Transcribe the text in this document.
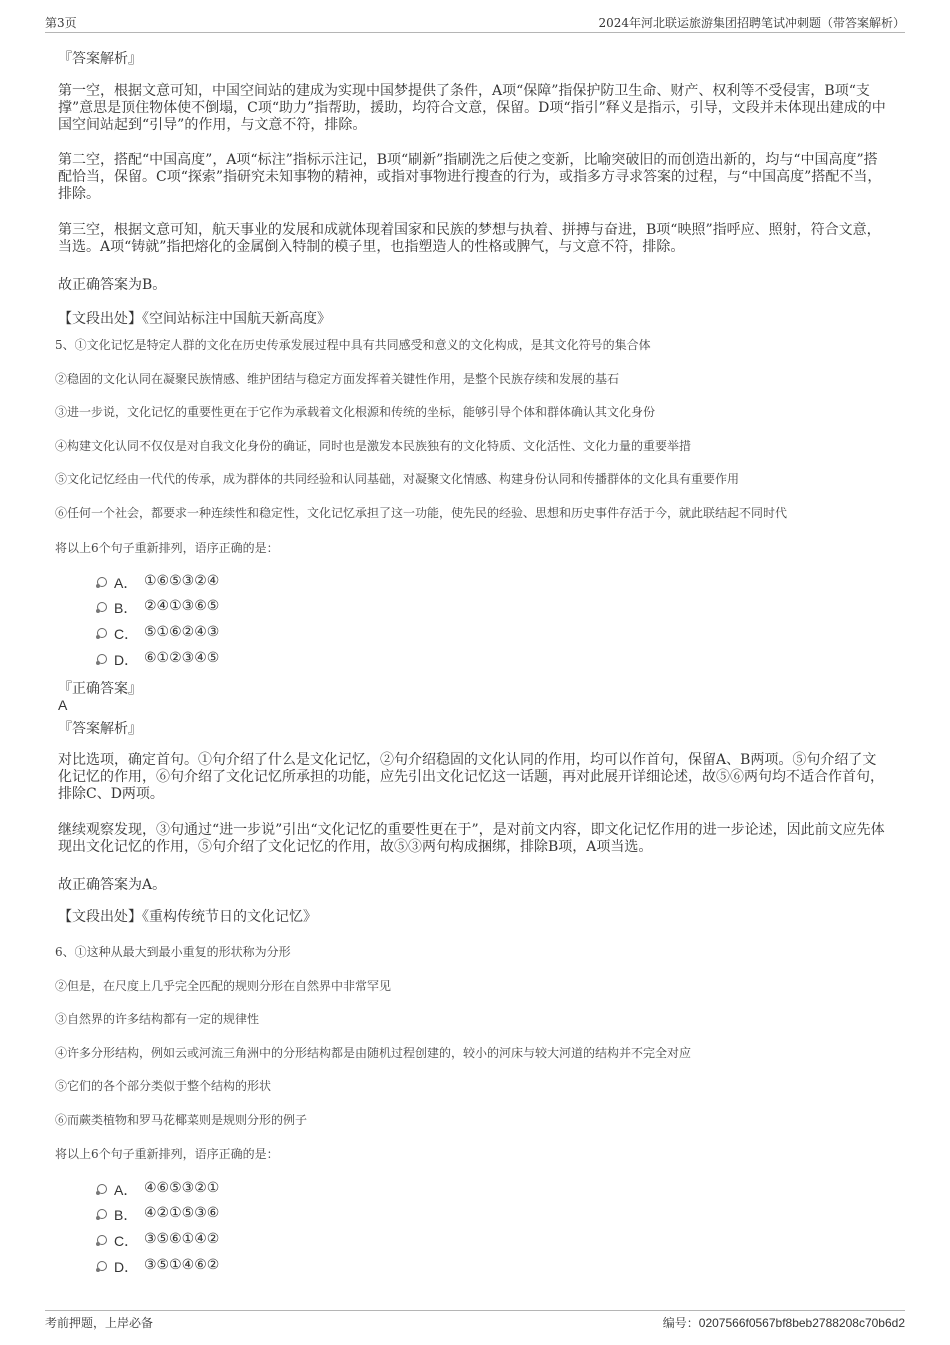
第3页	2024年河北联运旅游集团招聘笔试冲刺题（带答案解析）
『答案解析』
第一空，根据文意可知，中国空间站的建成为实现中国梦提供了条件，A项“保障”指保护防卫生命、财产、权利等不受侵害，B项“支撑”意思是顶住物体使不倒塌，C项“助力”指帮助，援助，均符合文意，保留。D项“指引”释义是指示，引导，文段并未体现出建成的中国空间站起到“引导”的作用，与文意不符，排除。
第二空，搭配“中国高度”，A项“标注”指标示注记，B项“刷新”指刷洗之后使之变新，比喻突破旧的而创造出新的，均与“中国高度”搭配恰当，保留。C项“探索”指研究未知事物的精神，或指对事物进行搜查的行为，或指多方寻求答案的过程，与“中国高度”搭配不当，排除。
第三空，根据文意可知，航天事业的发展和成就体现着国家和民族的梦想与执着、拼搏与奋进，B项“映照”指呼应、照射，符合文意，当选。A项“铸就”指把熔化的金属倒入特制的模子里，也指塑造人的性格或脾气，与文意不符，排除。
故正确答案为B。
【文段出处】《空间站标注中国航天新高度》
5、①文化记忆是特定人群的文化在历史传承发展过程中具有共同感受和意义的文化构成，是其文化符号的集合体
②稳固的文化认同在凝聚民族情感、维护团结与稳定方面发挥着关键性作用，是整个民族存续和发展的基石
③进一步说，文化记忆的重要性更在于它作为承载着文化根源和传统的坐标，能够引导个体和群体确认其文化身份
④构建文化认同不仅仅是对自我文化身份的确证，同时也是激发本民族独有的文化特质、文化活性、文化力量的重要举措
⑤文化记忆经由一代代的传承，成为群体的共同经验和认同基础，对凝聚文化情感、构建身份认同和传播群体的文化具有重要作用
⑥任何一个社会，都要求一种连续性和稳定性，文化记忆承担了这一功能，使先民的经验、思想和历史事件存活于今，就此联结起不同时代
将以上6个句子重新排列，语序正确的是：
A． ①⑥⑤③②④
B． ②④①③⑥⑤
C． ⑤①⑥②④③
D． ⑥①②③④⑤
『正确答案』
A
『答案解析』
对比选项，确定首句。①句介绍了什么是文化记忆，②句介绍稳固的文化认同的作用，均可以作首句，保留A、B两项。⑤句介绍了文化记忆的作用，⑥句介绍了文化记忆所承担的功能，应先引出文化记忆这一话题，再对此展开详细论述，故⑤⑥两句均不适合作首句，排除C、D两项。
继续观察发现，③句通过“进一步说”引出“文化记忆的重要性更在于”，是对前文内容，即文化记忆作用的进一步论述，因此前文应先体现出文化记忆的作用，⑤句介绍了文化记忆的作用，故⑤③两句构成捆绑，排除B项，A项当选。
故正确答案为A。
【文段出处】《重构传统节日的文化记忆》
6、①这种从最大到最小重复的形状称为分形
②但是，在尺度上几乎完全匹配的规则分形在自然界中非常罕见
③自然界的许多结构都有一定的规律性
④许多分形结构，例如云或河流三角洲中的分形结构都是由随机过程创建的，较小的河床与较大河道的结构并不完全对应
⑤它们的各个部分类似于整个结构的形状
⑥而蕨类植物和罗马花椰菜则是规则分形的例子
将以上6个句子重新排列，语序正确的是：
A． ④⑥⑤③②①
B． ④②①⑤③⑥
C． ③⑤⑥①④②
D． ③⑤①④⑥②
考前押题，上岸必备	编号：0207566f0567bf8beb2788208c70b6d2
